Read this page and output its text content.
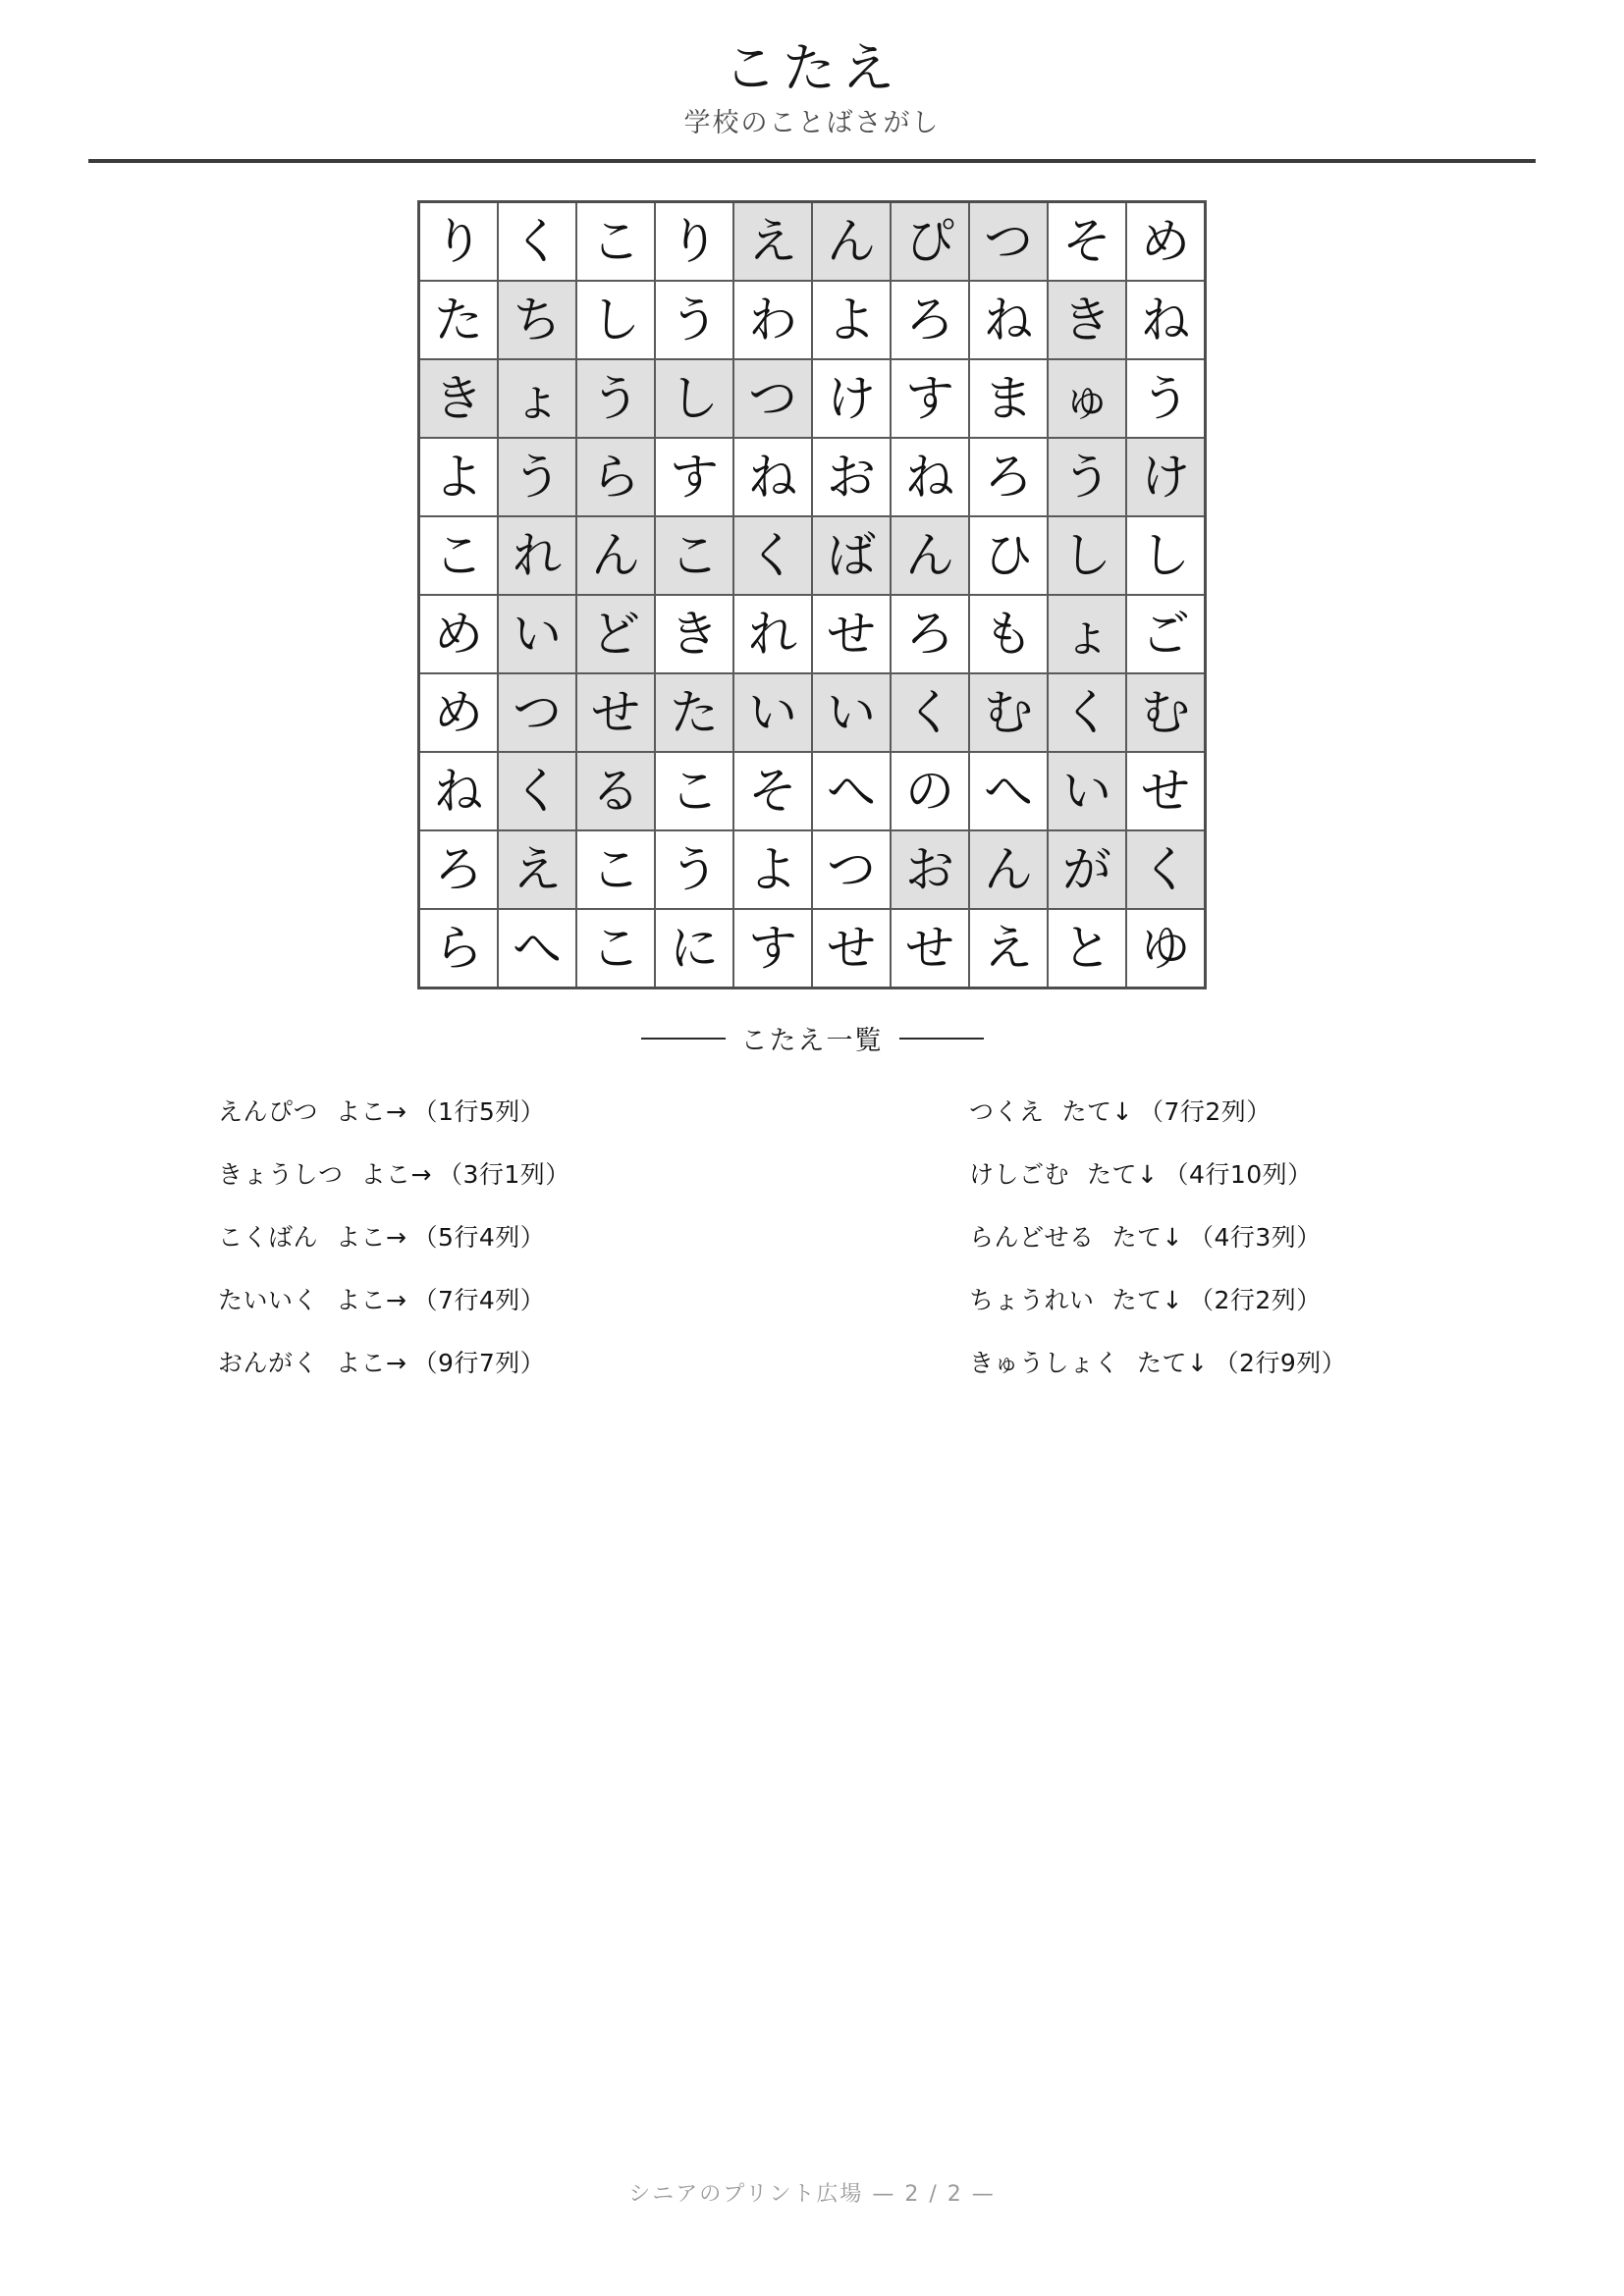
こたえ

学校のことばさがし

り	く	こ	り	え	ん	ぴ	つ	そ	め
た	ち	し	う	わ	よ	ろ	ね	き	ね
き	ょ	う	し	つ	け	す	ま	ゅ	う
よ	う	ら	す	ね	お	ね	ろ	う	け
こ	れ	ん	こ	く	ば	ん	ひ	し	し
め	い	ど	き	れ	せ	ろ	も	ょ	ご
め	つ	せ	た	い	い	く	む	く	む
ね	く	る	こ	そ	へ	の	へ	い	せ
ろ	え	こ	う	よ	つ	お	ん	が	く
ら	へ	こ	に	す	せ	せ	え	と	ゆ
こたえ一覧
えんぴつ よこ→ （1行5列）
きょうしつ よこ→ （3行1列）
こくばん よこ→ （5行4列）
たいいく よこ→ （7行4列）
おんがく よこ→ （9行7列）
つくえ たて↓ （7行2列）
けしごむ たて↓ （4行10列）
らんどせる たて↓ （4行3列）
ちょうれい たて↓ （2行2列）
きゅうしょく たて↓ （2行9列）
シニアのプリント広場 — 2 / 2 —
